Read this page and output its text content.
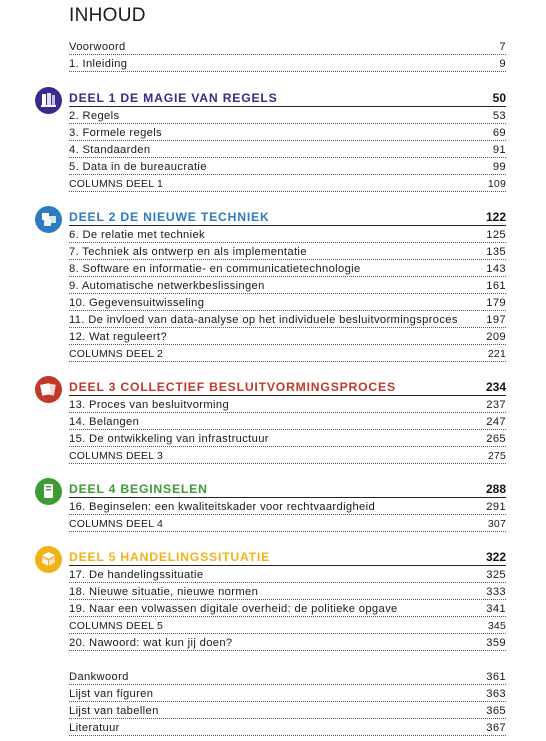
INHOUD
Voorwoord	7
1. Inleiding	9
DEEL 1 DE MAGIE VAN REGELS	50
2. Regels	53
3. Formele regels	69
4. Standaarden	91
5. Data in de bureaucratie	99
COLUMNS DEEL 1	109
DEEL 2 DE NIEUWE TECHNIEK	122
6. De relatie met techniek	125
7. Techniek als ontwerp en als implementatie	135
8. Software en informatie- en communicatietechnologie	143
9. Automatische netwerkbeslissingen	161
10. Gegevensuitwisseling	179
11. De invloed van data-analyse op het individuele besluitvormingsproces	197
12. Wat reguleert?	209
COLUMNS DEEL 2	221
DEEL 3 COLLECTIEF BESLUITVORMINGSPROCES	234
13. Proces van besluitvorming	237
14. Belangen	247
15. De ontwikkeling van infrastructuur	265
COLUMNS DEEL 3	275
DEEL 4 BEGINSELEN	288
16. Beginselen: een kwaliteitskader voor rechtvaardigheid	291
COLUMNS DEEL 4	307
DEEL 5 HANDELINGSSITUATIE	322
17. De handelingssituatie	325
18. Nieuwe situatie, nieuwe normen	333
19. Naar een volwassen digitale overheid: de politieke opgave	341
COLUMNS DEEL 5	345
20. Nawoord: wat kun jij doen?	359
Dankwoord	361
Lijst van figuren	363
Lijst van tabellen	365
Literatuur	367
